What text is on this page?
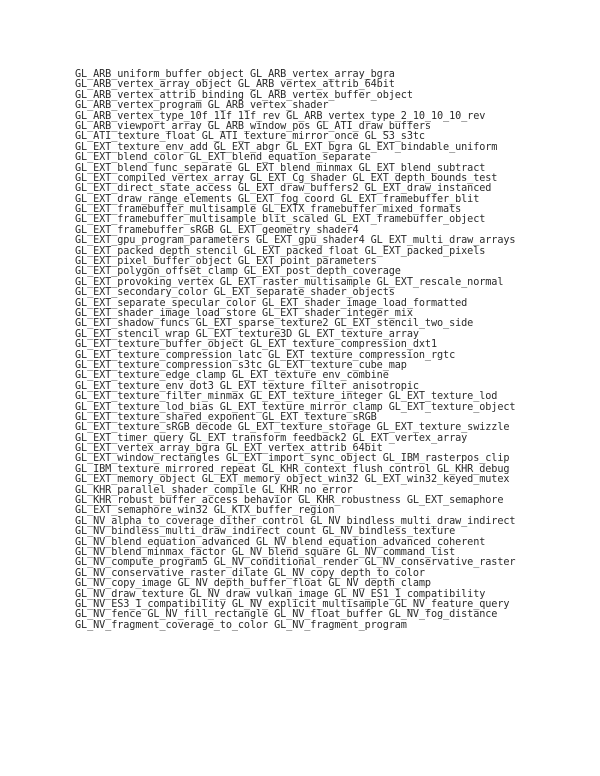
GL_ARB_uniform_buffer_object GL_ARB_vertex_array_bgra
GL_ARB_vertex_array_object GL_ARB_vertex_attrib_64bit
GL_ARB_vertex_attrib_binding GL_ARB_vertex_buffer_object
GL_ARB_vertex_program GL_ARB_vertex_shader
GL_ARB_vertex_type_10f_11f_11f_rev GL_ARB_vertex_type_2_10_10_10_rev
GL_ARB_viewport_array GL_ARB_window_pos GL_ATI_draw_buffers
GL_ATI_texture_float GL_ATI_texture_mirror_once GL_S3_s3tc
GL_EXT_texture_env_add GL_EXT_abgr GL_EXT_bgra GL_EXT_bindable_uniform
GL_EXT_blend_color GL_EXT_blend_equation_separate
GL_EXT_blend_func_separate GL_EXT_blend_minmax GL_EXT_blend_subtract
GL_EXT_compiled_vertex_array GL_EXT_Cg_shader GL_EXT_depth_bounds_test
GL_EXT_direct_state_access GL_EXT_draw_buffers2 GL_EXT_draw_instanced
GL_EXT_draw_range_elements GL_EXT_fog_coord GL_EXT_framebuffer_blit
GL_EXT_framebuffer_multisample GL_EXTX_framebuffer_mixed_formats
GL_EXT_framebuffer_multisample_blit_scaled GL_EXT_framebuffer_object
GL_EXT_framebuffer_sRGB GL_EXT_geometry_shader4
GL_EXT_gpu_program_parameters GL_EXT_gpu_shader4 GL_EXT_multi_draw_arrays
GL_EXT_packed_depth_stencil GL_EXT_packed_float GL_EXT_packed_pixels
GL_EXT_pixel_buffer_object GL_EXT_point_parameters
GL_EXT_polygon_offset_clamp GL_EXT_post_depth_coverage
GL_EXT_provoking_vertex GL_EXT_raster_multisample GL_EXT_rescale_normal
GL_EXT_secondary_color GL_EXT_separate_shader_objects
GL_EXT_separate_specular_color GL_EXT_shader_image_load_formatted
GL_EXT_shader_image_load_store GL_EXT_shader_integer_mix
GL_EXT_shadow_funcs GL_EXT_sparse_texture2 GL_EXT_stencil_two_side
GL_EXT_stencil_wrap GL_EXT_texture3D GL_EXT_texture_array
GL_EXT_texture_buffer_object GL_EXT_texture_compression_dxt1
GL_EXT_texture_compression_latc GL_EXT_texture_compression_rgtc
GL_EXT_texture_compression_s3tc GL_EXT_texture_cube_map
GL_EXT_texture_edge_clamp GL_EXT_texture_env_combine
GL_EXT_texture_env_dot3 GL_EXT_texture_filter_anisotropic
GL_EXT_texture_filter_minmax GL_EXT_texture_integer GL_EXT_texture_lod
GL_EXT_texture_lod_bias GL_EXT_texture_mirror_clamp GL_EXT_texture_object
GL_EXT_texture_shared_exponent GL_EXT_texture_sRGB
GL_EXT_texture_sRGB_decode GL_EXT_texture_storage GL_EXT_texture_swizzle
GL_EXT_timer_query GL_EXT_transform_feedback2 GL_EXT_vertex_array
GL_EXT_vertex_array_bgra GL_EXT_vertex_attrib_64bit
GL_EXT_window_rectangles GL_EXT_import_sync_object GL_IBM_rasterpos_clip
GL_IBM_texture_mirrored_repeat GL_KHR_context_flush_control GL_KHR_debug
GL_EXT_memory_object GL_EXT_memory_object_win32 GL_EXT_win32_keyed_mutex
GL_KHR_parallel_shader_compile GL_KHR_no_error
GL_KHR_robust_buffer_access_behavior GL_KHR_robustness GL_EXT_semaphore
GL_EXT_semaphore_win32 GL_KTX_buffer_region
GL_NV_alpha_to_coverage_dither_control GL_NV_bindless_multi_draw_indirect
GL_NV_bindless_multi_draw_indirect_count GL_NV_bindless_texture
GL_NV_blend_equation_advanced GL_NV_blend_equation_advanced_coherent
GL_NV_blend_minmax_factor GL_NV_blend_square GL_NV_command_list
GL_NV_compute_program5 GL_NV_conditional_render GL_NV_conservative_raster
GL_NV_conservative_raster_dilate GL_NV_copy_depth_to_color
GL_NV_copy_image GL_NV_depth_buffer_float GL_NV_depth_clamp
GL_NV_draw_texture GL_NV_draw_vulkan_image GL_NV_ES1_1_compatibility
GL_NV_ES3_1_compatibility GL_NV_explicit_multisample GL_NV_feature_query
GL_NV_fence GL_NV_fill_rectangle GL_NV_float_buffer GL_NV_fog_distance
GL_NV_fragment_coverage_to_color GL_NV_fragment_program
